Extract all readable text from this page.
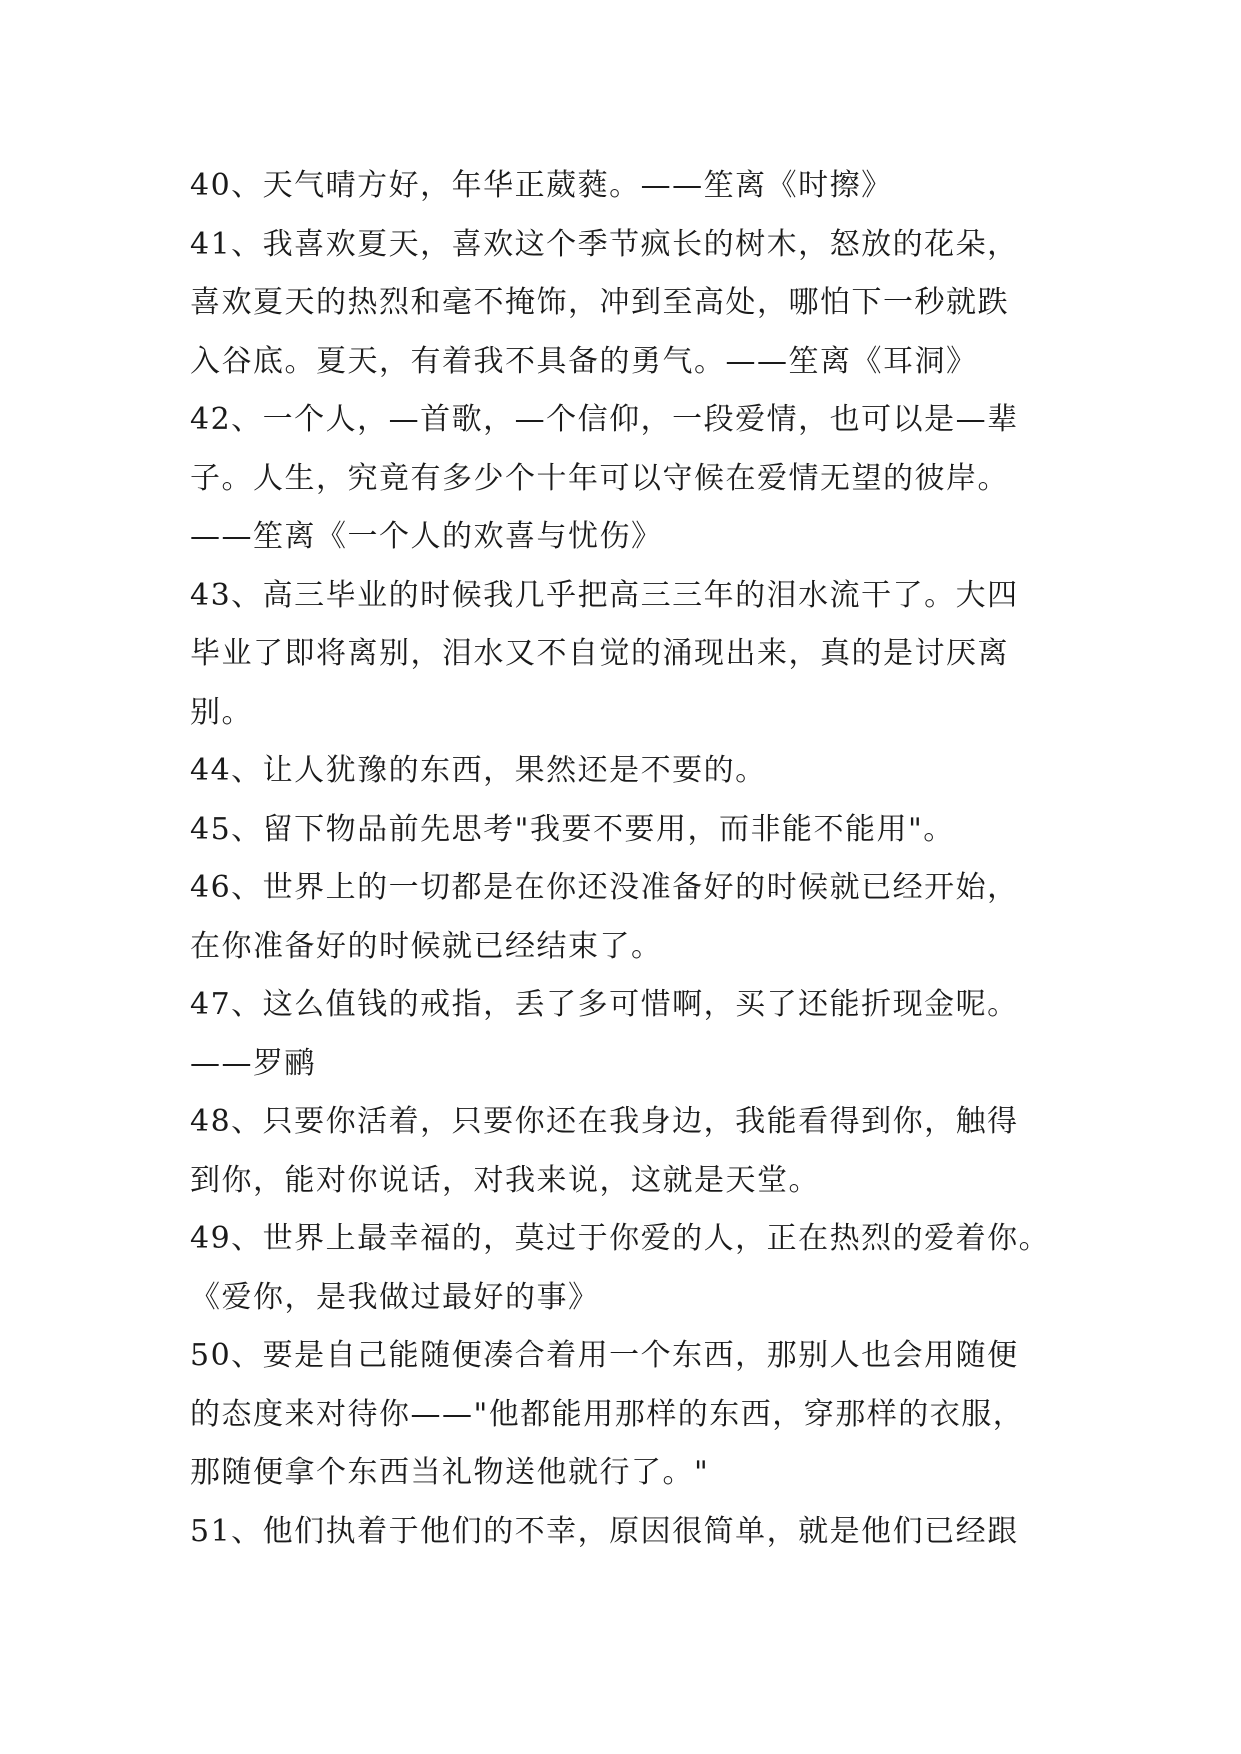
40、天气晴方好，年华正葳蕤。——笙离《时擦》
41、我喜欢夏天，喜欢这个季节疯长的树木，怒放的花朵，
喜欢夏天的热烈和毫不掩饰，冲到至高处，哪怕下一秒就跌
入谷底。夏天，有着我不具备的勇气。——笙离《耳洞》
42、一个人，—首歌，—个信仰，一段爱情，也可以是—辈
子。人生，究竟有多少个十年可以守候在爱情无望的彼岸。
——笙离《一个人的欢喜与忧伤》
43、高三毕业的时候我几乎把高三三年的泪水流干了。大四
毕业了即将离别，泪水又不自觉的涌现出来，真的是讨厌离
别。
44、让人犹豫的东西，果然还是不要的。
45、留下物品前先思考"我要不要用，而非能不能用"。
46、世界上的一切都是在你还没准备好的时候就已经开始，
在你准备好的时候就已经结束了。
47、这么值钱的戒指，丢了多可惜啊，买了还能折现金呢。
——罗鹂
48、只要你活着，只要你还在我身边，我能看得到你，触得
到你，能对你说话，对我来说，这就是天堂。
49、世界上最幸福的，莫过于你爱的人，正在热烈的爱着你。
《爱你，是我做过最好的事》
50、要是自己能随便凑合着用一个东西，那别人也会用随便
的态度来对待你——"他都能用那样的东西，穿那样的衣服，
那随便拿个东西当礼物送他就行了。"
51、他们执着于他们的不幸，原因很简单，就是他们已经跟
